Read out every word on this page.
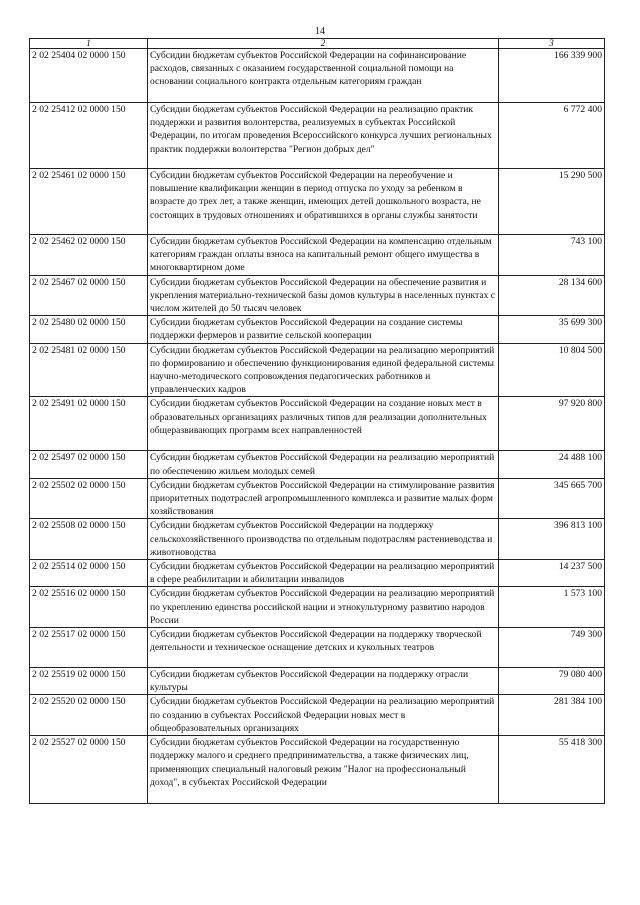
14
1	2	3
2 02 25404 02 0000 150	Субсидии бюджетам субъектов Российской Федерации на софинансирование расходов, связанных с оказанием государственной социальной помощи на основании социального контракта отдельным категориям граждан	166 339 900
2 02 25412 02 0000 150	Субсидии бюджетам субъектов Российской Федерации на реализацию практик поддержки и развития волонтерства, реализуемых в субъектах Российской Федерации, по итогам проведения Всероссийского конкурса лучших региональных практик поддержки волонтерства "Регион добрых дел"	6 772 400
2 02 25461 02 0000 150	Субсидии бюджетам субъектов Российской Федерации на переобучение и повышение квалификации женщин в период отпуска по уходу за ребенком в возрасте до трех лет, а также женщин, имеющих детей дошкольного возраста, не состоящих в трудовых отношениях и обратившихся в органы службы занятости	15 290 500
2 02 25462 02 0000 150	Субсидии бюджетам субъектов Российской Федерации на компенсацию отдельным категориям граждан оплаты взноса на капитальный ремонт общего имущества в многоквартирном доме	743 100
2 02 25467 02 0000 150	Субсидии бюджетам субъектов Российской Федерации на обеспечение развития и укрепления материально-технической базы домов культуры в населенных пунктах с числом жителей до 50 тысяч человек	28 134 600
2 02 25480 02 0000 150	Субсидии бюджетам субъектов Российской Федерации на создание системы поддержки фермеров и развитие сельской кооперации	35 699 300
2 02 25481 02 0000 150	Субсидии бюджетам субъектов Российской Федерации на реализацию мероприятий по формированию и обеспечению функционирования единой федеральной системы научно-методического сопровождения педагогических работников и управленческих кадров	10 804 500
2 02 25491 02 0000 150	Субсидии бюджетам субъектов Российской Федерации на создание новых мест в образовательных организациях различных типов для реализации дополнительных общеразвивающих программ всех направленностей	97 920 800
2 02 25497 02 0000 150	Субсидии бюджетам субъектов Российской Федерации на реализацию мероприятий по обеспечению жильем молодых семей	24 488 100
2 02 25502 02 0000 150	Субсидии бюджетам субъектов Российской Федерации на стимулирование развития приоритетных подотраслей агропромышленного комплекса и развитие малых форм хозяйствования	345 665 700
2 02 25508 02 0000 150	Субсидии бюджетам субъектов Российской Федерации на поддержку сельскохозяйственного производства по отдельным подотраслям растениеводства и животноводства	396 813 100
2 02 25514 02 0000 150	Субсидии бюджетам субъектов Российской Федерации на реализацию мероприятий в сфере реабилитации и абилитации инвалидов	14 237 500
2 02 25516 02 0000 150	Субсидии бюджетам субъектов Российской Федерации на реализацию мероприятий по укреплению единства российской нации и этнокультурному развитию народов России	1 573 100
2 02 25517 02 0000 150	Субсидии бюджетам субъектов Российской Федерации на поддержку творческой деятельности и техническое оснащение детских и кукольных театров	749 300
2 02 25519 02 0000 150	Субсидии бюджетам субъектов Российской Федерации на поддержку отрасли культуры	79 080 400
2 02 25520 02 0000 150	Субсидии бюджетам субъектов Российской Федерации на реализацию мероприятий по созданию в субъектах Российской Федерации новых мест в общеобразовательных организациях	281 384 100
2 02 25527 02 0000 150	Субсидии бюджетам субъектов Российской Федерации на государственную поддержку малого и среднего предпринимательства, а также физических лиц, применяющих специальный налоговый режим "Налог на профессиональный доход", в субъектах Российской Федерации	55 418 300
